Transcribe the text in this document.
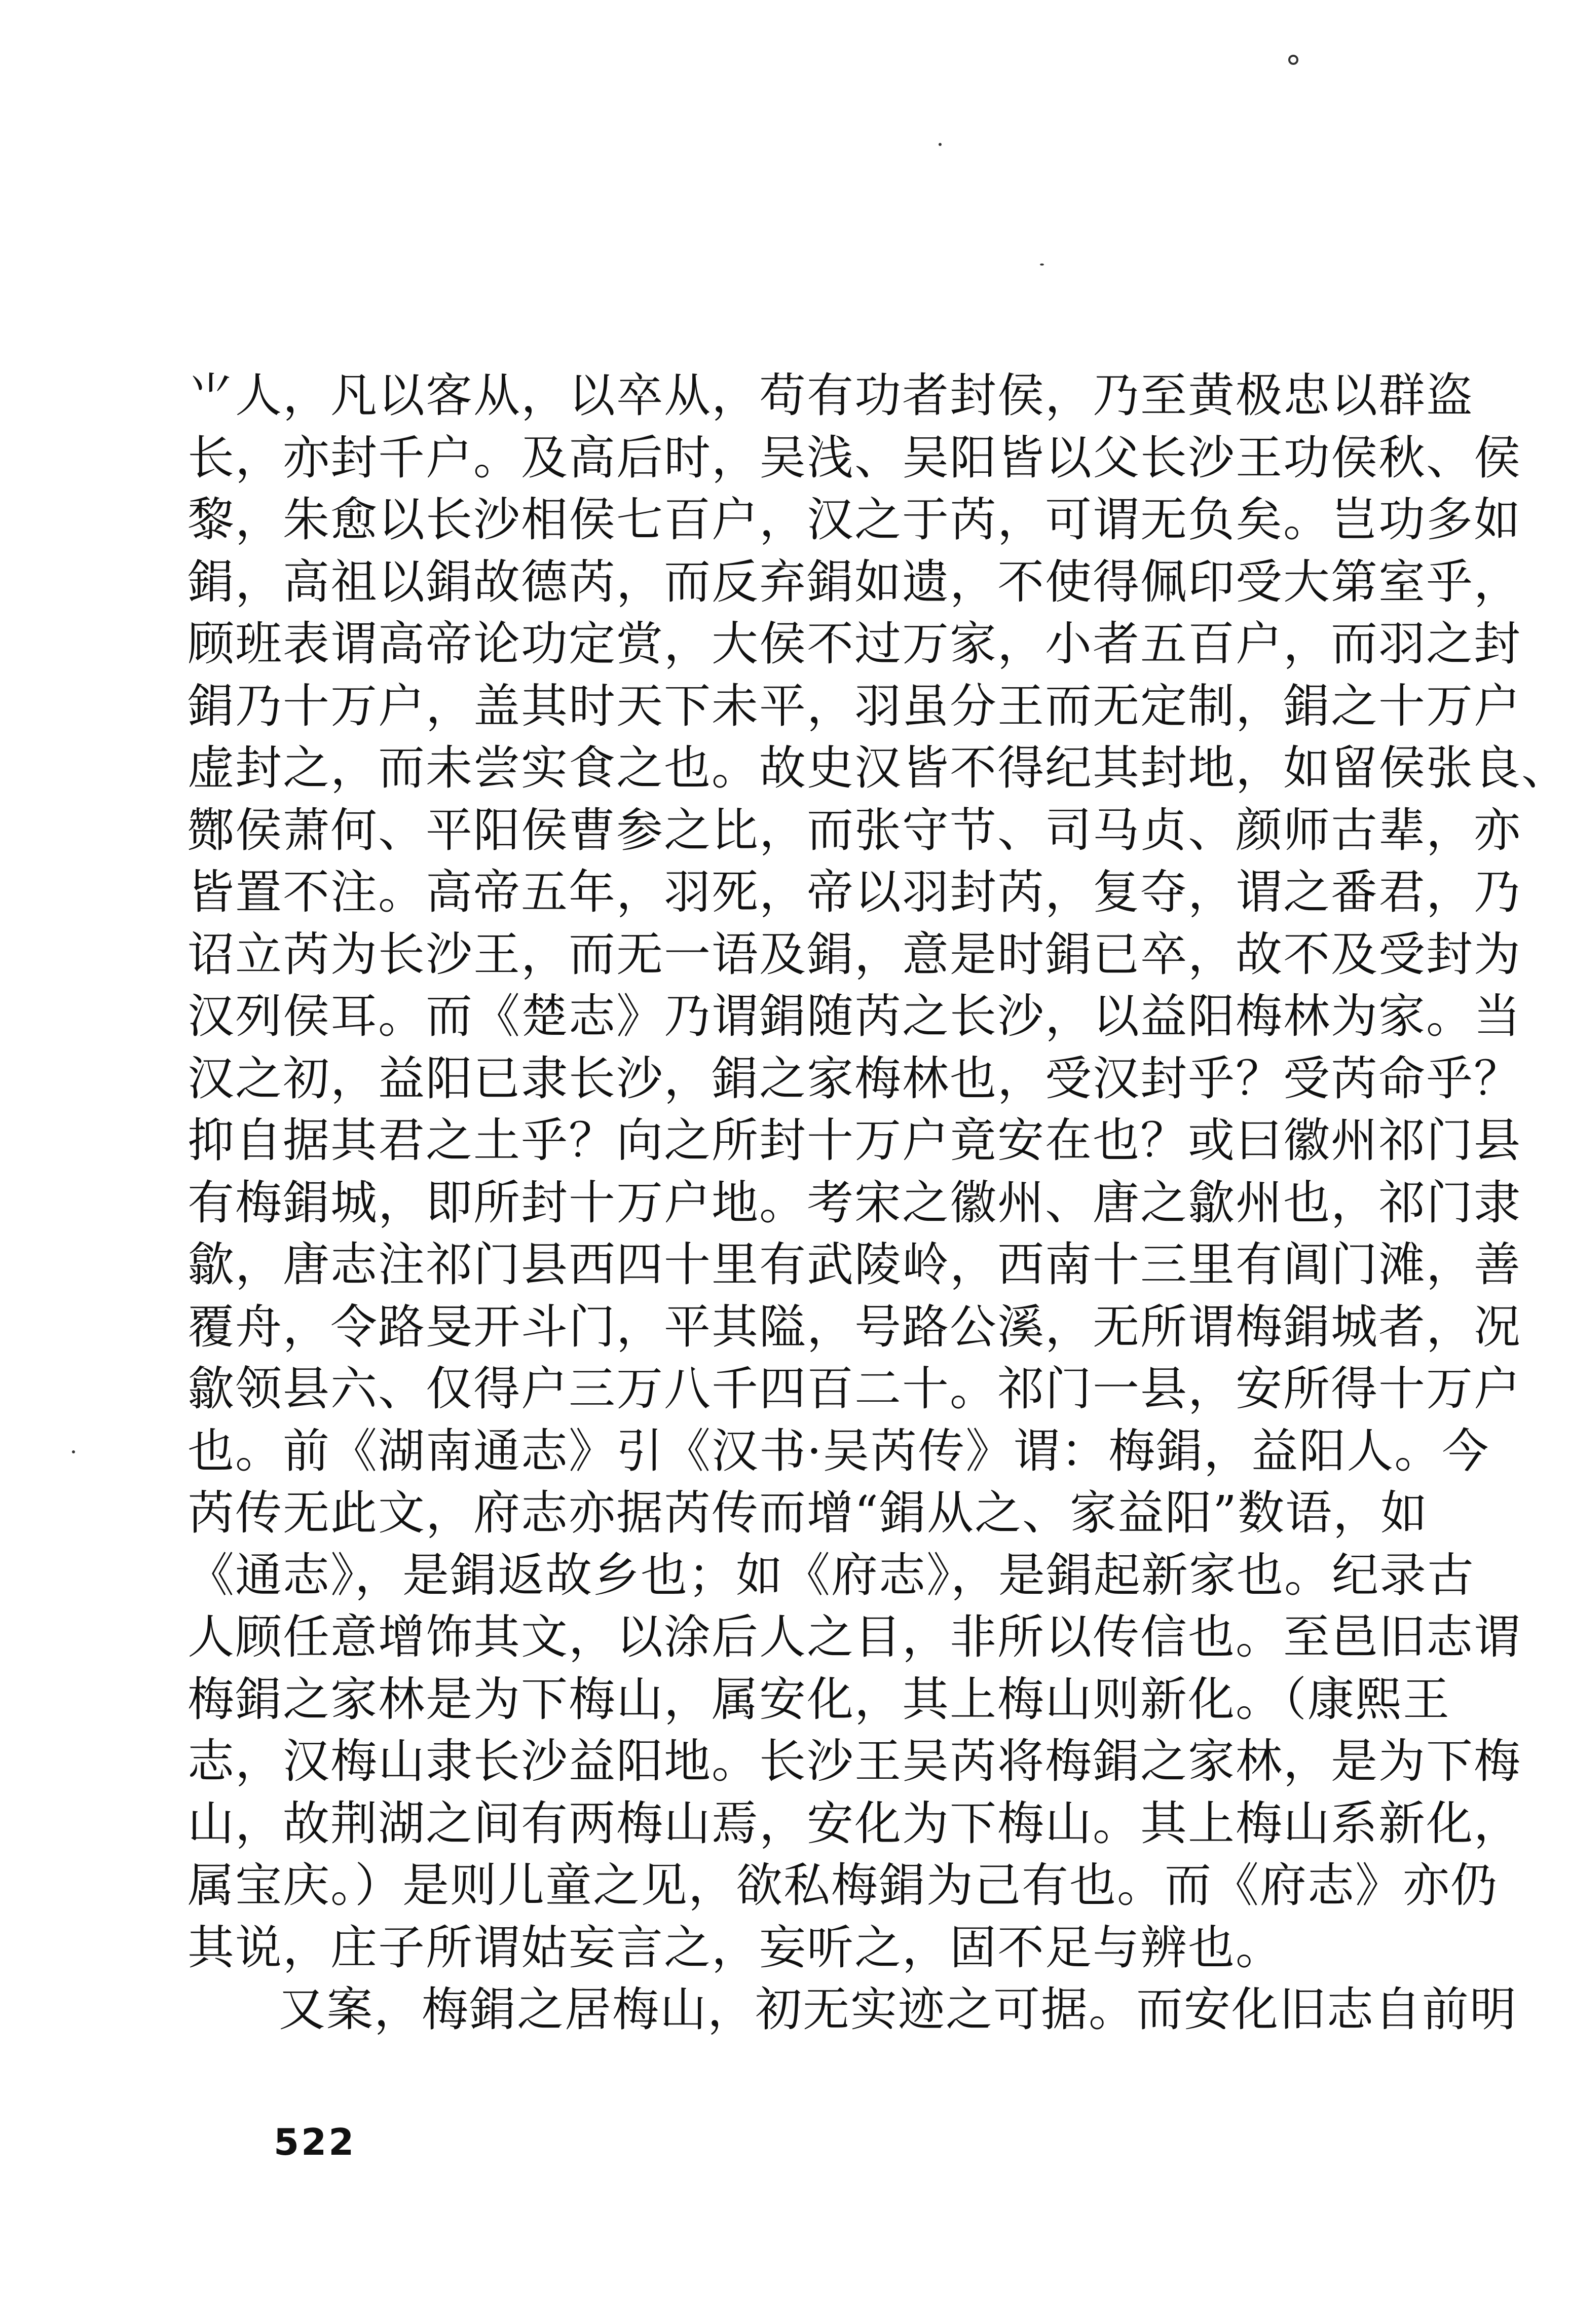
⺌人，凡以客从，以卒从，苟有功者封侯，乃至黄极忠以群盗
长，亦封千户。及高后时，吴浅、吴阳皆以父长沙王功侯秋、侯
黎，朱愈以长沙相侯七百户，汉之于芮，可谓无负矣。岂功多如
鋗，高祖以鋗故德芮，而反弃鋗如遗，不使得佩印受大第室乎，
顾班表谓高帝论功定赏，大侯不过万家，小者五百户，而羽之封
鋗乃十万户，盖其时天下未平，羽虽分王而无定制，鋗之十万户
虚封之，而未尝实食之也。故史汉皆不得纪其封地，如留侯张良、
酂侯萧何、平阳侯曹参之比，而张守节、司马贞、颜师古辈，亦
皆置不注。高帝五年，羽死，帝以羽封芮，复夺，谓之番君，乃
诏立芮为长沙王，而无一语及鋗，意是时鋗已卒，故不及受封为
汉列侯耳。而《楚志》乃谓鋗随芮之长沙，以益阳梅林为家。当
汉之初，益阳已隶长沙，鋗之家梅林也，受汉封乎？受芮命乎？
抑自据其君之土乎？向之所封十万户竟安在也？或曰徽州祁门县
有梅鋗城，即所封十万户地。考宋之徽州、唐之歙州也，祁门隶
歙，唐志注祁门县西四十里有武陵岭，西南十三里有阊门滩，善
覆舟，令路旻开斗门，平其隘，号路公溪，无所谓梅鋗城者，况
歙领县六、仅得户三万八千四百二十。祁门一县，安所得十万户
也。前《湖南通志》引《汉书·吴芮传》谓：梅鋗，益阳人。今
芮传无此文，府志亦据芮传而增“鋗从之、家益阳”数语，如
《通志》，是鋗返故乡也；如《府志》，是鋗起新家也。纪录古
人顾任意增饰其文，以涂后人之目，非所以传信也。至邑旧志谓
梅鋗之家林是为下梅山，属安化，其上梅山则新化。（康熙王
志，汉梅山隶长沙益阳地。长沙王吴芮将梅鋗之家林，是为下梅
山，故荆湖之间有两梅山焉，安化为下梅山。其上梅山系新化，
属宝庆。）是则儿童之见，欲私梅鋗为己有也。而《府志》亦仍
其说，庄子所谓姑妄言之，妄听之，固不足与辨也。
又案，梅鋗之居梅山，初无实迹之可据。而安化旧志自前明
522
